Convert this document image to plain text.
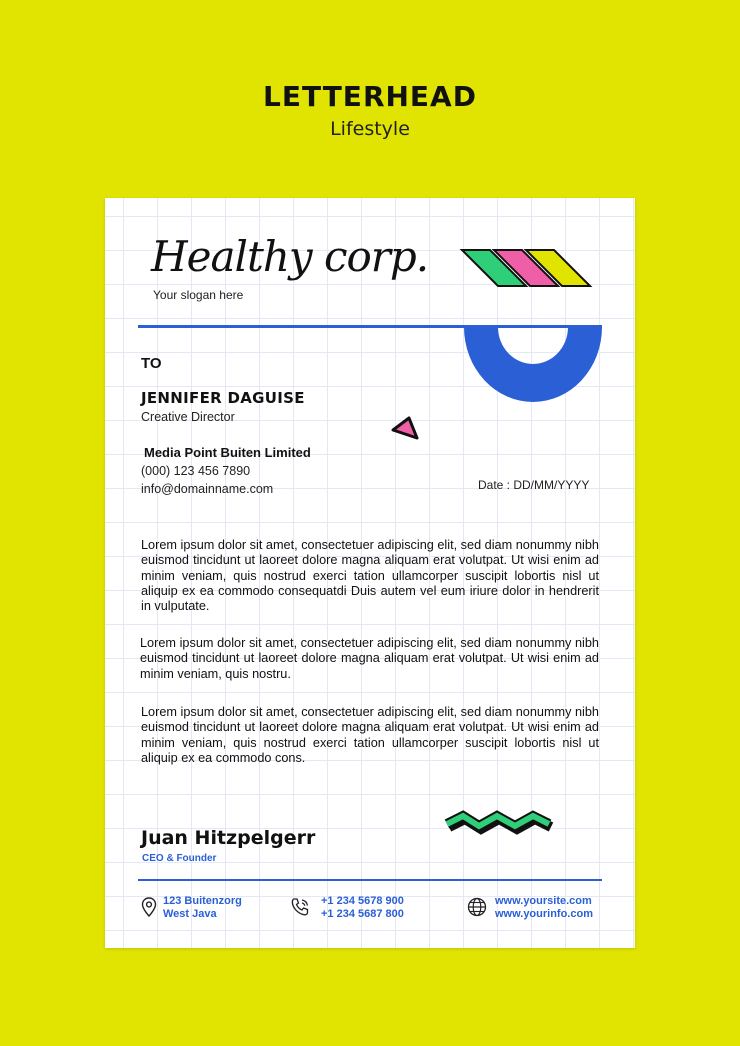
LETTERHEAD
Lifestyle
Healthy corp.
Your slogan here
TO
JENNIFER DAGUISE
Creative Director
Media Point Buiten Limited
(000) 123 456 7890
info@domainname.com	Date : DD/MM/YYYY

Lorem ipsum dolor sit amet, consectetuer adipiscing elit, sed diam nonummy nibh euismod tincidunt ut laoreet dolore magna aliquam erat volutpat. Ut wisi enim ad minim veniam, quis nostrud exerci tation ullamcorper suscipit lobortis nisl ut aliquip ex ea commodo consequatdi Duis autem vel eum iriure dolor in hendrerit in vulputate.

Lorem ipsum dolor sit amet, consectetuer adipiscing elit, sed diam nonummy nibh euismod tincidunt ut laoreet dolore magna aliquam erat volutpat. Ut wisi enim ad minim veniam, quis nostru.

Lorem ipsum dolor sit amet, consectetuer adipiscing elit, sed diam nonummy nibh euismod tincidunt ut laoreet dolore magna aliquam erat volutpat. Ut wisi enim ad minim veniam, quis nostrud exerci tation ullamcorper suscipit lobortis nisl ut aliquip ex ea commodo cons.

Juan Hitzpelgerr
CEO & Founder
123 Buitenzorg
West Java
+1 234 5678 900
+1 234 5687 800
www.yoursite.com
www.yourinfo.com
